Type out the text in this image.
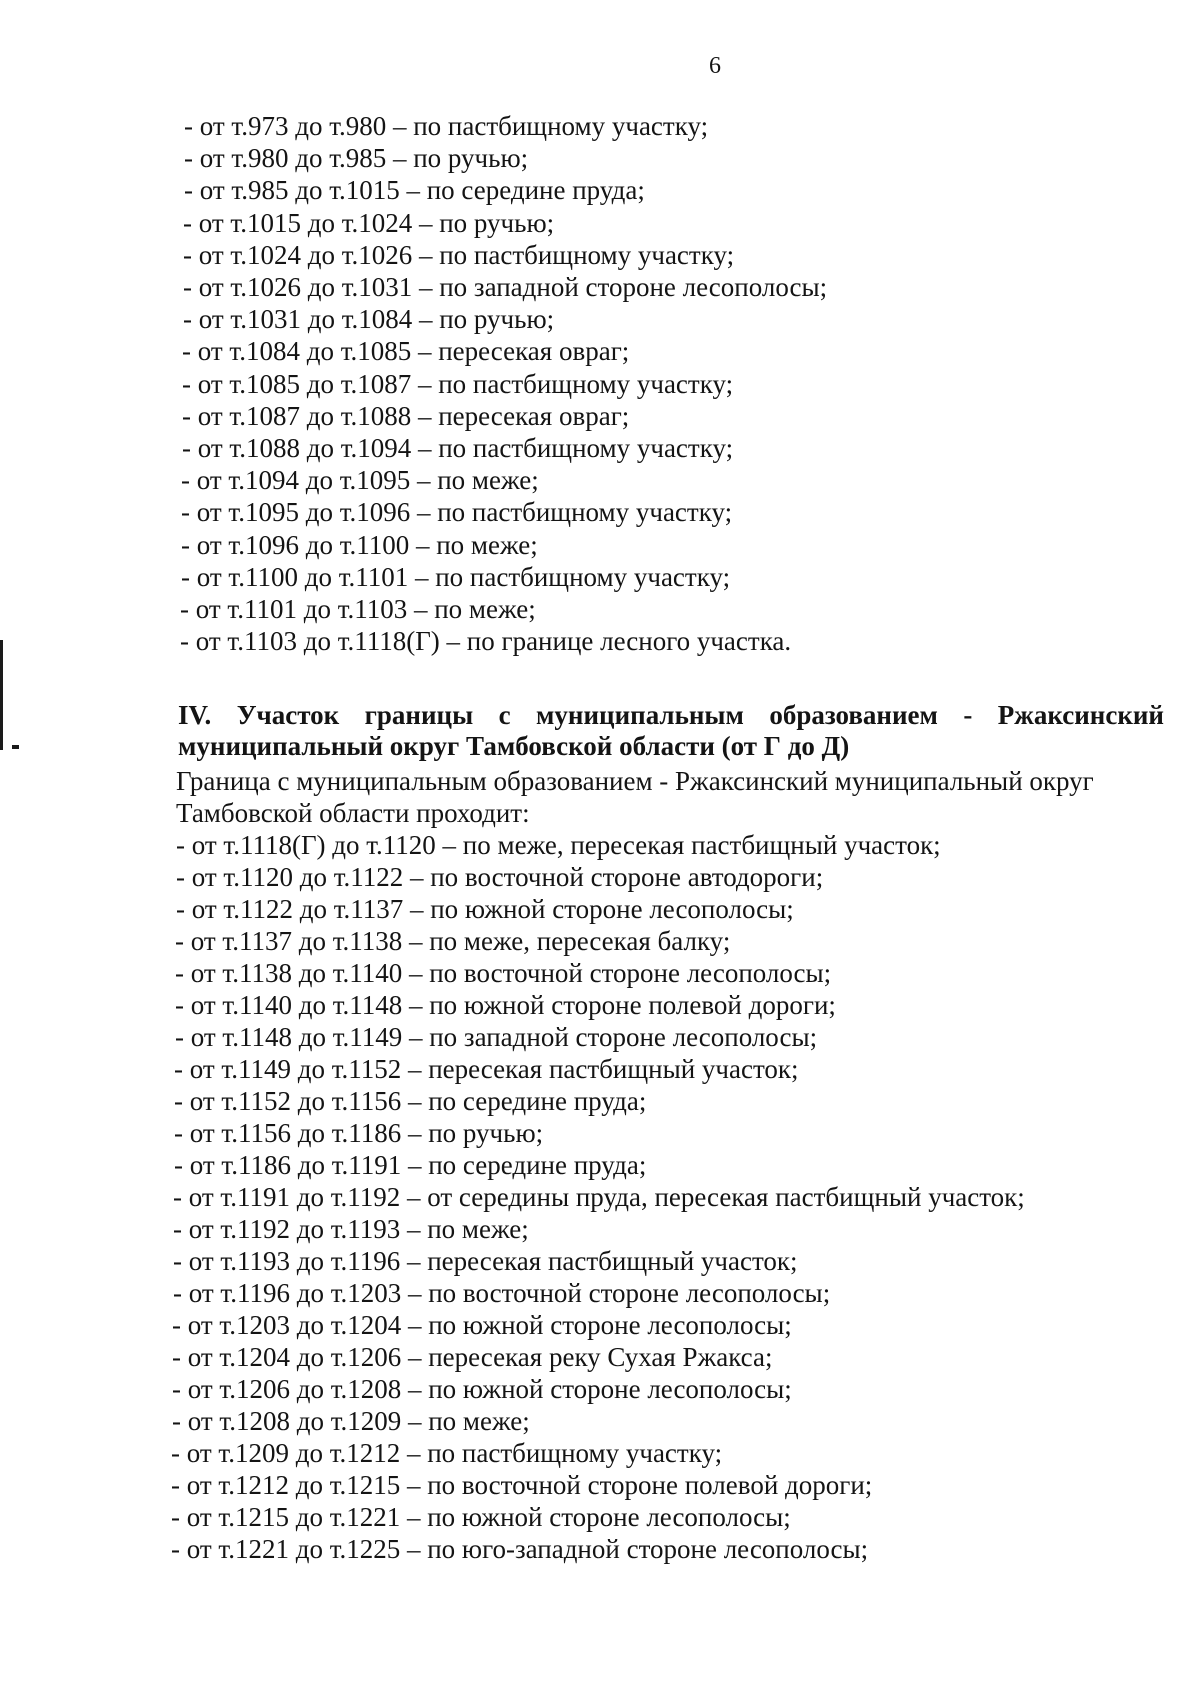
6
- от т.973 до т.980 – по пастбищному участку;
- от т.980 до т.985 – по ручью;
- от т.985 до т.1015 – по середине пруда;
- от т.1015 до т.1024 – по ручью;
- от т.1024 до т.1026 – по пастбищному участку;
- от т.1026 до т.1031 – по западной стороне лесополосы;
- от т.1031 до т.1084 – по ручью;
- от т.1084 до т.1085 – пересекая овраг;
- от т.1085 до т.1087 – по пастбищному участку;
- от т.1087 до т.1088 – пересекая овраг;
- от т.1088 до т.1094 – по пастбищному участку;
- от т.1094 до т.1095 – по меже;
- от т.1095 до т.1096 – по пастбищному участку;
- от т.1096 до т.1100 – по меже;
- от т.1100 до т.1101 – по пастбищному участку;
- от т.1101 до т.1103 – по меже;
- от т.1103 до т.1118(Г) – по границе лесного участка.
IV. Участок границы с муниципальным образованием - Ржаксинский
муниципальный округ Тамбовской области (от Г до Д)
Граница с муниципальным образованием - Ржаксинский муниципальный округ
Тамбовской области проходит:
- от т.1118(Г) до т.1120 – по меже, пересекая пастбищный участок;
- от т.1120 до т.1122 – по восточной стороне автодороги;
- от т.1122 до т.1137 – по южной стороне лесополосы;
- от т.1137 до т.1138 – по меже, пересекая балку;
- от т.1138 до т.1140 – по восточной стороне лесополосы;
- от т.1140 до т.1148 – по южной стороне полевой дороги;
- от т.1148 до т.1149 – по западной стороне лесополосы;
- от т.1149 до т.1152 – пересекая пастбищный участок;
- от т.1152 до т.1156 – по середине пруда;
- от т.1156 до т.1186 – по ручью;
- от т.1186 до т.1191 – по середине пруда;
- от т.1191 до т.1192 – от середины пруда, пересекая пастбищный участок;
- от т.1192 до т.1193 – по меже;
- от т.1193 до т.1196 – пересекая пастбищный участок;
- от т.1196 до т.1203 – по восточной стороне лесополосы;
- от т.1203 до т.1204 – по южной стороне лесополосы;
- от т.1204 до т.1206 – пересекая реку Сухая Ржакса;
- от т.1206 до т.1208 – по южной стороне лесополосы;
- от т.1208 до т.1209 – по меже;
- от т.1209 до т.1212 – по пастбищному участку;
- от т.1212 до т.1215 – по восточной стороне полевой дороги;
- от т.1215 до т.1221 – по южной стороне лесополосы;
- от т.1221 до т.1225 – по юго-западной стороне лесополосы;
